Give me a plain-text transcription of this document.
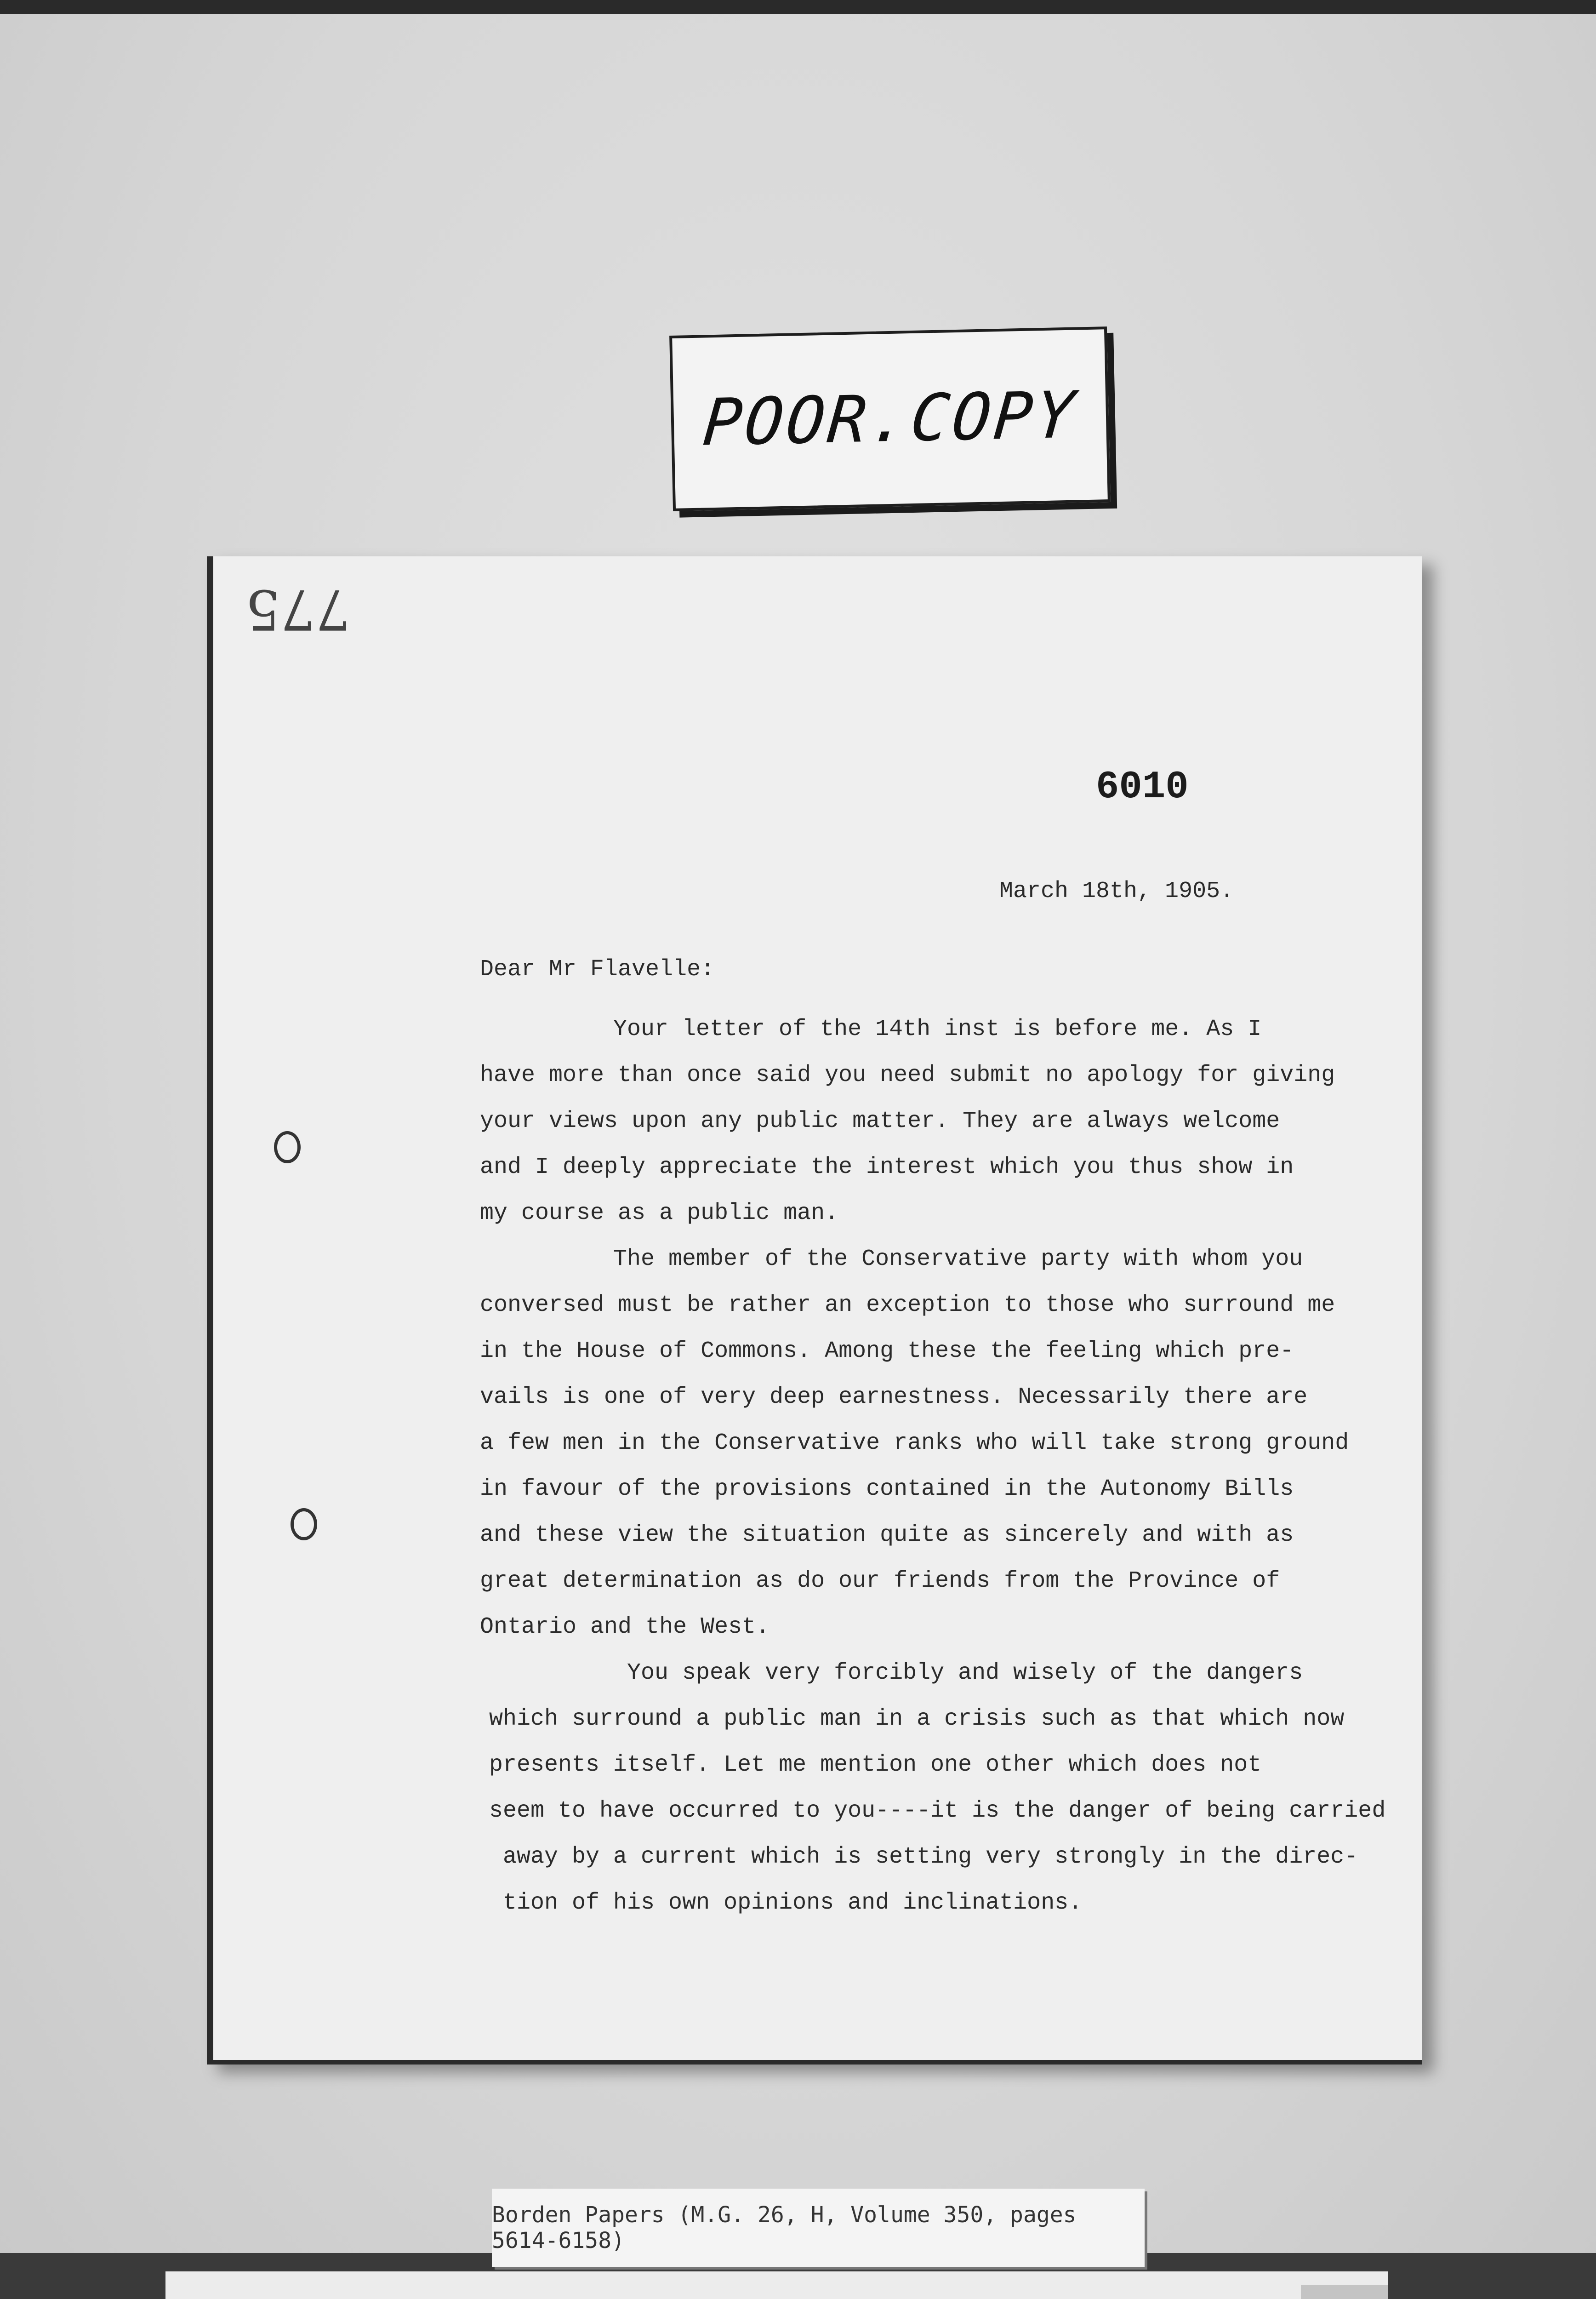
POOR.COPY
775
6010
March 18th, 1905.
Dear Mr Flavelle:
Your letter of the 14th inst is before me. As I
have more than once said you need submit no apology for giving
your views upon any public matter. They are always welcome
and I deeply appreciate the interest which you thus show in
my course as a public man.
The member of the Conservative party with whom you
conversed must be rather an exception to those who surround me
in the House of Commons. Among these the feeling which pre-
vails is one of very deep earnestness. Necessarily there are
a few men in the Conservative ranks who will take strong ground
in favour of the provisions contained in the Autonomy Bills
and these view the situation quite as sincerely and with as
great determination as do our friends from the Province of
Ontario and the West.
You speak very forcibly and wisely of the dangers
which surround a public man in a crisis such as that which now
presents itself. Let me mention one other which does not
seem to have occurred to you----it is the danger of being carried
away by a current which is setting very strongly in the direc-
tion of his own opinions and inclinations.
Borden Papers (M.G. 26, H, Volume 350, pages 5614-6158)
